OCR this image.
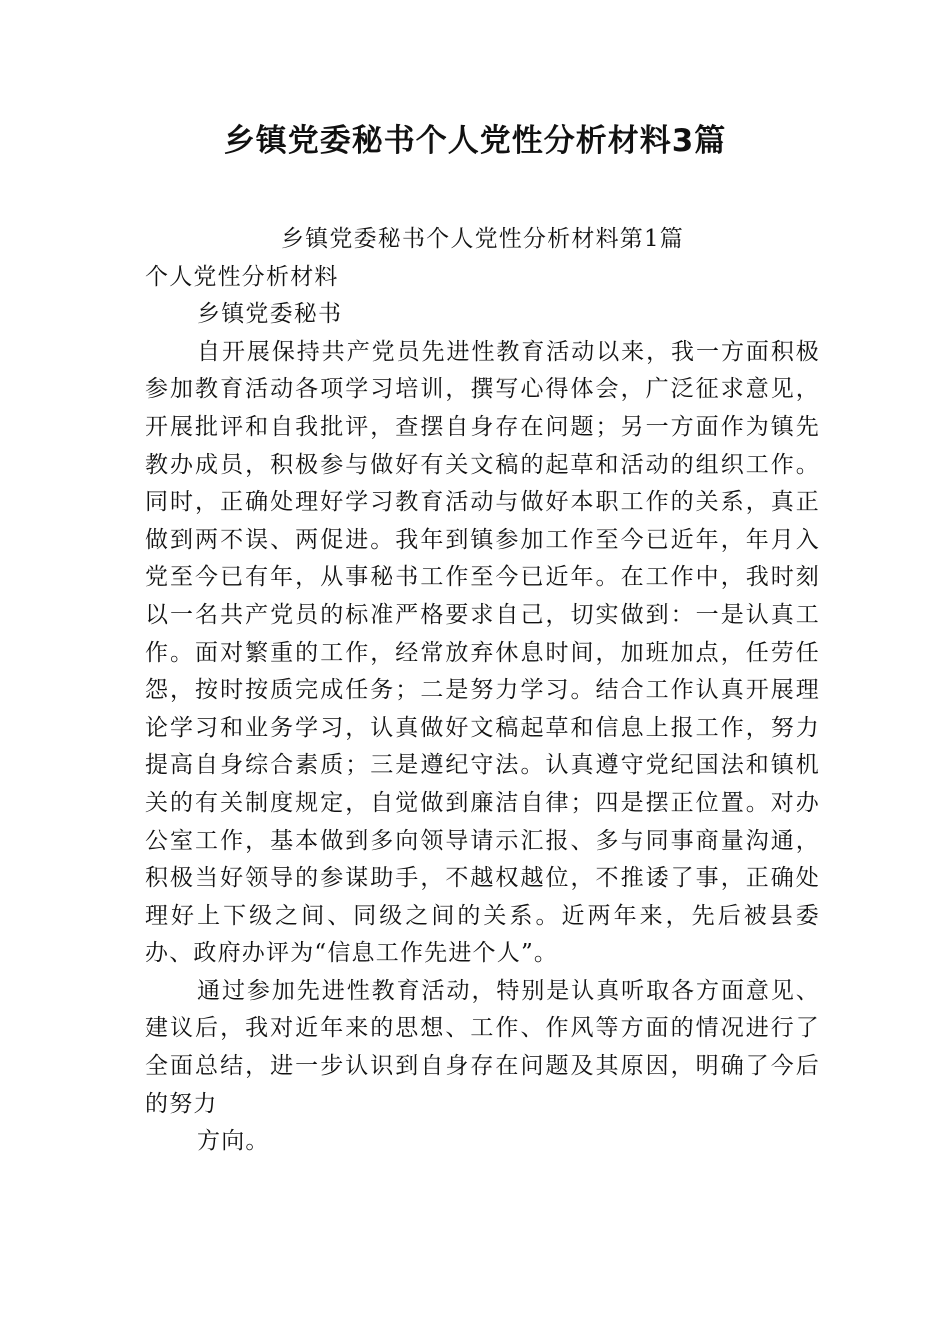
乡镇党委秘书个人党性分析材料3篇

乡镇党委秘书个人党性分析材料第1篇

个人党性分析材料

乡镇党委秘书

自开展保持共产党员先进性教育活动以来，我一方面积极参加教育活动各项学习培训，撰写心得体会，广泛征求意见，开展批评和自我批评，查摆自身存在问题；另一方面作为镇先教办成员，积极参与做好有关文稿的起草和活动的组织工作。同时，正确处理好学习教育活动与做好本职工作的关系，真正做到两不误、两促进。我年到镇参加工作至今已近年，年月入党至今已有年，从事秘书工作至今已近年。在工作中，我时刻以一名共产党员的标准严格要求自己，切实做到：一是认真工作。面对繁重的工作，经常放弃休息时间，加班加点，任劳任怨，按时按质完成任务；二是努力学习。结合工作认真开展理论学习和业务学习，认真做好文稿起草和信息上报工作，努力提高自身综合素质；三是遵纪守法。认真遵守党纪国法和镇机关的有关制度规定，自觉做到廉洁自律；四是摆正位置。对办公室工作，基本做到多向领导请示汇报、多与同事商量沟通，积极当好领导的参谋助手，不越权越位，不推诿了事，正确处理好上下级之间、同级之间的关系。近两年来，先后被县委办、政府办评为“信息工作先进个人”。

通过参加先进性教育活动，特别是认真听取各方面意见、建议后，我对近年来的思想、工作、作风等方面的情况进行了全面总结，进一步认识到自身存在问题及其原因，明确了今后的努力

方向。
